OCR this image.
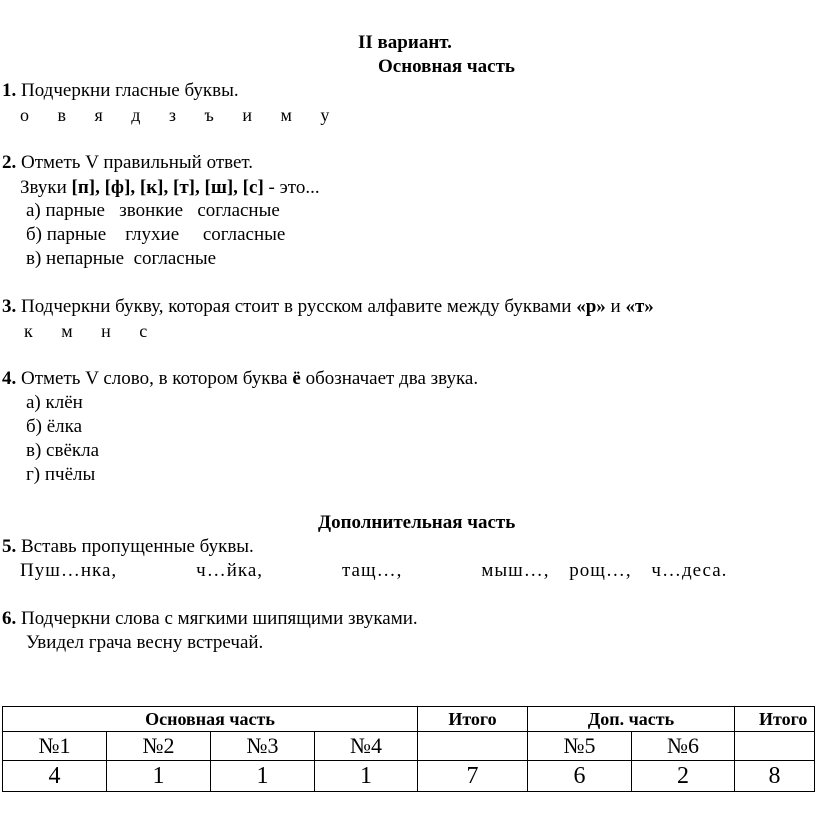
II вариант.
Основная часть
1. Подчеркни гласные буквы.
о в я д з ъ и м у
2. Отметь V правильный ответ.
Звуки [п], [ф], [к], [т], [ш], [с] - это...
а) парные   звонкие   согласные
б) парные    глухие     согласные
в) непарные  согласные
3. Подчеркни букву, которая стоит в русском алфавите между буквами «р» и «т»
к м н с
4. Отметь V слово, в котором буква ё обозначает два звука.
а) клён
б) ёлка
в) свёкла
г) пчёлы
Дополнительная часть
5. Вставь пропущенные буквы.
Пуш…нка,    ч…йка,    тащ…,    мыш…, рощ…, ч…деса.
6. Подчеркни слова с мягкими шипящими звуками.
Увидел грача весну встречай.
Основная часть				Итого	Доп. часть		Итого
№1	№2	№3	№4		№5	№6	
4	1	1	1	7	6	2	8
